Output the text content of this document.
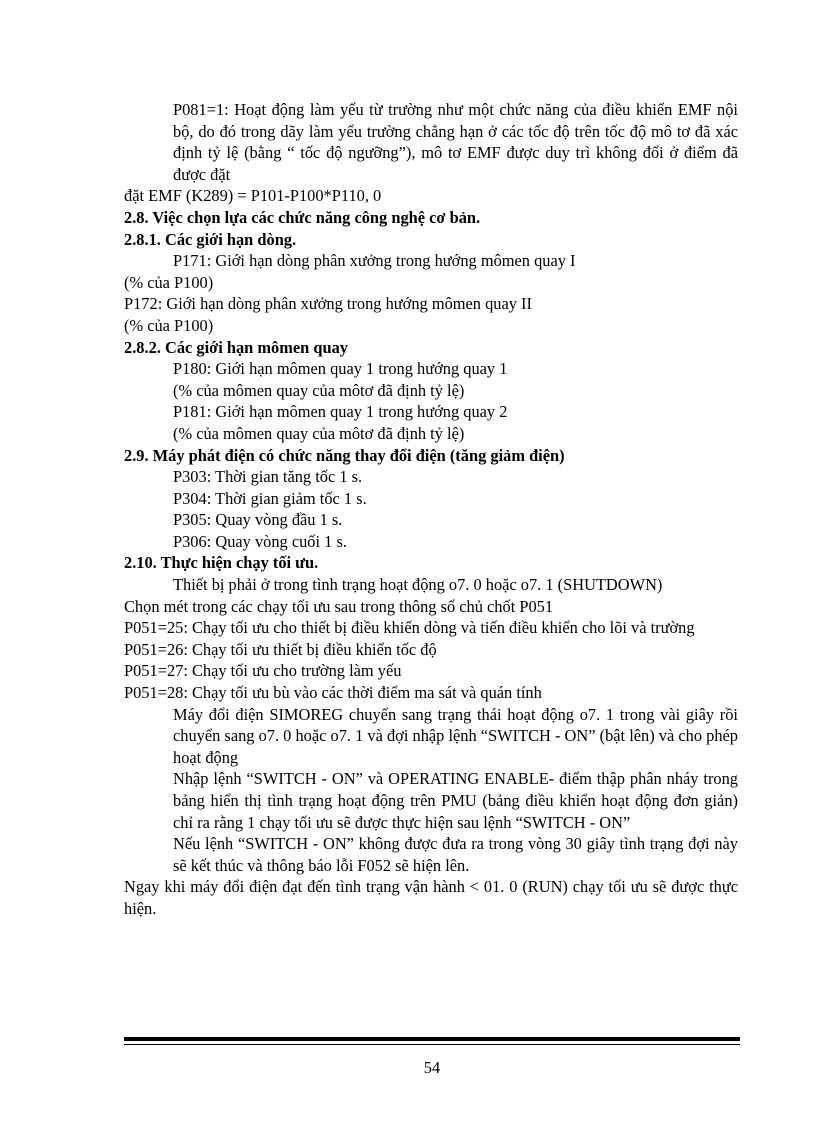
P081=1: Hoạt động làm yếu từ trường như một chức năng của điều khiển EMF nội bộ, do đó trong dãy làm yếu trường chẳng hạn ở các tốc độ trên tốc độ mô tơ đã xác định tỷ lệ (bằng “ tốc độ ngưỡng”), mô tơ EMF được duy trì không đổi ở điểm đã được đặt
đặt EMF (K289) = P101-P100*P110, 0
2.8. Việc chọn lựa các chức năng công nghệ cơ bản.
2.8.1. Các giới hạn dòng.
P171: Giới hạn dòng phân xưởng trong hướng mômen quay I
(% của P100)
P172: Giới hạn dòng phân xưởng trong hướng mômen quay II
(% của P100)
2.8.2. Các giới hạn mômen quay
P180: Giới hạn mômen quay 1 trong hướng quay 1
(% của mômen quay của môtơ đã định tỷ lệ)
P181: Giới hạn mômen quay 1 trong hướng quay 2
(% của mômen quay của môtơ đã định tỷ lệ)
2.9. Máy phát điện có chức năng thay đổi điện (tăng giảm điện)
P303: Thời gian tăng tốc 1 s.
P304: Thời gian giảm tốc 1 s.
P305: Quay vòng đầu 1 s.
P306: Quay vòng cuối 1 s.
2.10. Thực hiện chạy tối ưu.
Thiết bị phải ở trong tình trạng hoạt động o7. 0 hoặc o7. 1 (SHUTDOWN)
Chọn mét trong các chạy tối ưu sau trong thông số chủ chốt P051
P051=25: Chạy tối ưu cho thiết bị điều khiển dòng và tiến điều khiển cho lõi và trường
P051=26: Chạy tối ưu thiết bị điều khiển tốc độ
P051=27: Chạy tối ưu cho trường làm yếu
P051=28: Chạy tối ưu bù vào các thời điểm ma sát và quán tính
Máy đổi điện SIMOREG chuyển sang trạng thái hoạt động o7. 1 trong vài giây rồi chuyển sang o7. 0 hoặc o7. 1 và đợi nhập lệnh “SWITCH - ON” (bật lên) và cho phép hoạt động
Nhập lệnh “SWITCH - ON” và OPERATING ENABLE- điểm thập phân nháy trong bảng hiển thị tình trạng hoạt động trên PMU (bảng điều khiển hoạt động đơn giản) chỉ ra rằng 1 chạy tối ưu sẽ được thực hiện sau lệnh “SWITCH - ON”
Nếu lệnh “SWITCH - ON” không được đưa ra trong vòng 30 giây tình trạng đợi này sẽ kết thúc và thông báo lỗi F052 sẽ hiện lên.
Ngay khi máy đổi điện đạt đến tình trạng vận hành < 01. 0 (RUN) chạy tối ưu sẽ được thực hiện.
54
